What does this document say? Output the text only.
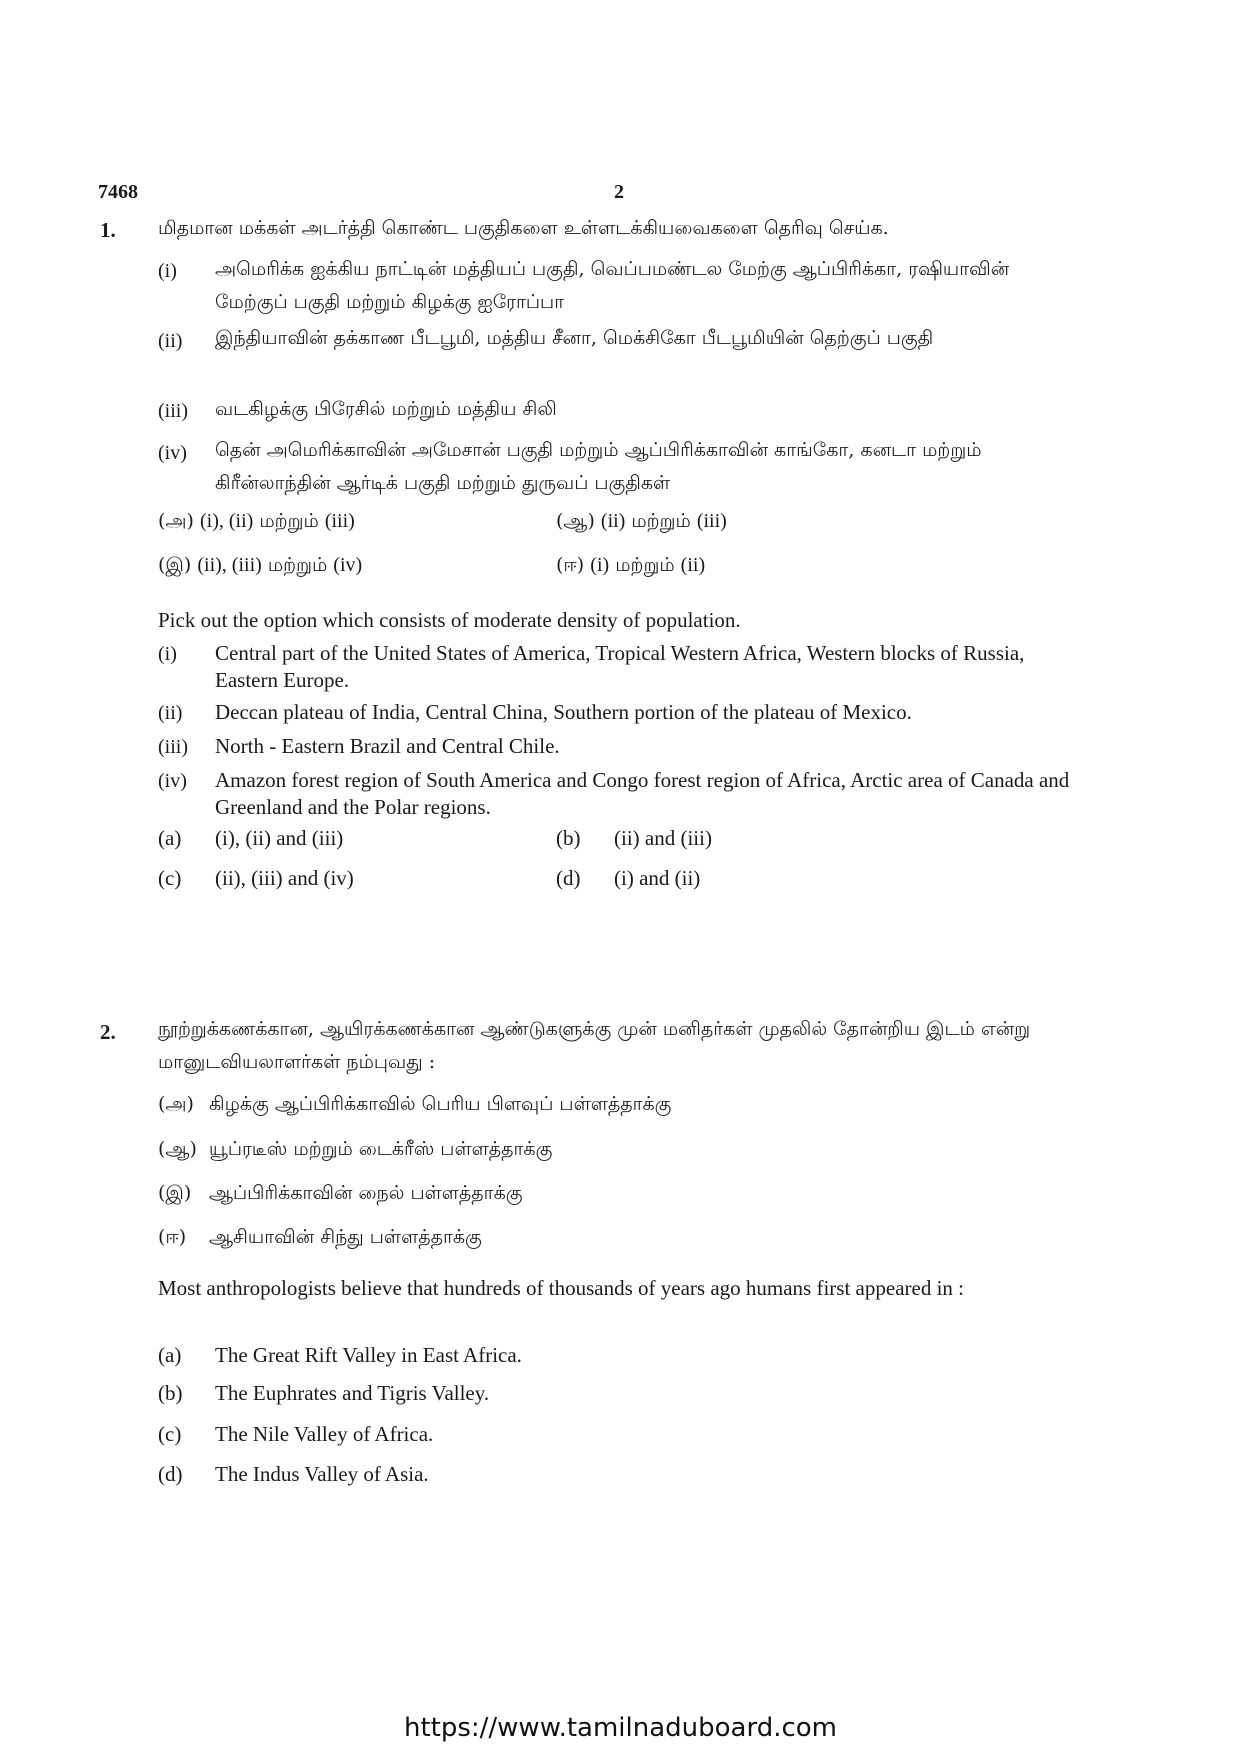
7468	2
1. மிதமான மக்கள் அடர்த்தி கொண்ட பகுதிகளை உள்ளடக்கியவைகளை தெரிவு செய்க.
(i) அமெரிக்க ஐக்கிய நாட்டின் மத்தியப் பகுதி, வெப்பமண்டல மேற்கு ஆப்பிரிக்கா, ரஷியாவின் மேற்குப் பகுதி மற்றும் கிழக்கு ஐரோப்பா
(ii) இந்தியாவின் தக்காண பீடபூமி, மத்திய சீனா, மெக்சிகோ பீடபூமியின் தெற்குப் பகுதி
(iii) வடகிழக்கு பிரேசில் மற்றும் மத்திய சிலி
(iv) தென் அமெரிக்காவின் அமேசான் பகுதி மற்றும் ஆப்பிரிக்காவின் காங்கோ, கனடா மற்றும் கிரீன்லாந்தின் ஆர்டிக் பகுதி மற்றும் துருவப் பகுதிகள்
(அ) (i), (ii) மற்றும் (iii)	(ஆ) (ii) மற்றும் (iii)
(இ) (ii), (iii) மற்றும் (iv)	(ஈ) (i) மற்றும் (ii)
Pick out the option which consists of moderate density of population.
(i) Central part of the United States of America, Tropical Western Africa, Western blocks of Russia, Eastern Europe.
(ii) Deccan plateau of India, Central China, Southern portion of the plateau of Mexico.
(iii) North - Eastern Brazil and Central Chile.
(iv) Amazon forest region of South America and Congo forest region of Africa, Arctic area of Canada and Greenland and the Polar regions.
(a) (i), (ii) and (iii)	(b) (ii) and (iii)
(c) (ii), (iii) and (iv)	(d) (i) and (ii)
2. நூற்றுக்கணக்கான, ஆயிரக்கணக்கான ஆண்டுகளுக்கு முன் மனிதர்கள் முதலில் தோன்றிய இடம் என்று மானுடவியலாளர்கள் நம்புவது :
(அ) கிழக்கு ஆப்பிரிக்காவில் பெரிய பிளவுப் பள்ளத்தாக்கு
(ஆ) யூப்ரடீஸ் மற்றும் டைக்ரீஸ் பள்ளத்தாக்கு
(இ) ஆப்பிரிக்காவின் நைல் பள்ளத்தாக்கு
(ஈ) ஆசியாவின் சிந்து பள்ளத்தாக்கு
Most anthropologists believe that hundreds of thousands of years ago humans first appeared in :
(a) The Great Rift Valley in East Africa.
(b) The Euphrates and Tigris Valley.
(c) The Nile Valley of Africa.
(d) The Indus Valley of Asia.
https://www.tamilnaduboard.com
